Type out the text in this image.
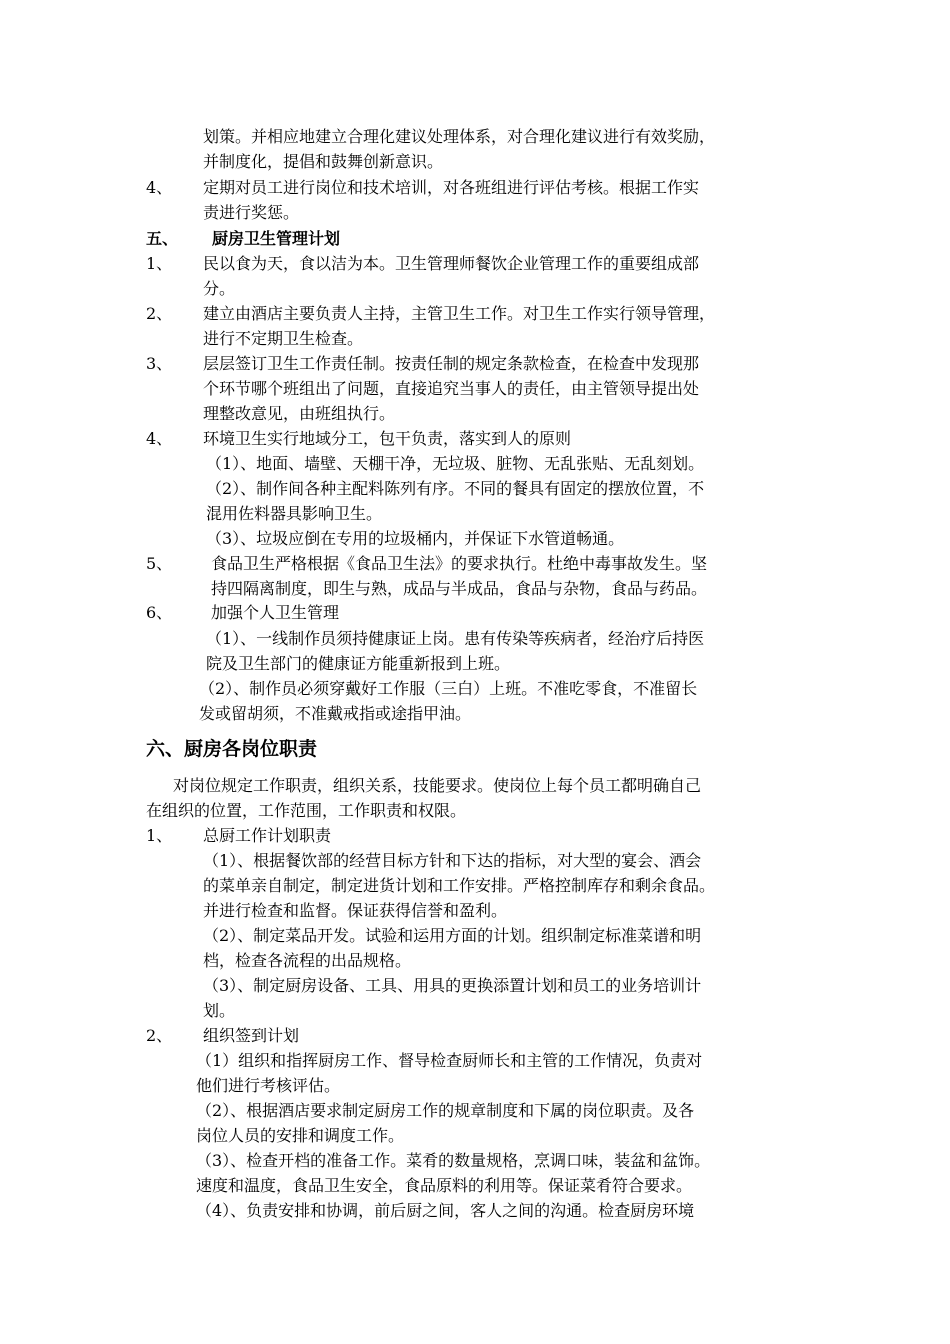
划策。并相应地建立合理化建议处理体系，对合理化建议进行有效奖励，
并制度化，提倡和鼓舞创新意识。
4、 定期对员工进行岗位和技术培训，对各班组进行评估考核。根据工作实
责进行奖惩。
五、 厨房卫生管理计划
1、 民以食为天，食以洁为本。卫生管理师餐饮企业管理工作的重要组成部
分。
2、 建立由酒店主要负责人主持，主管卫生工作。对卫生工作实行领导管理，
进行不定期卫生检查。
3、 层层签订卫生工作责任制。按责任制的规定条款检查，在检查中发现那
个环节哪个班组出了问题，直接追究当事人的责任，由主管领导提出处
理整改意见，由班组执行。
4、 环境卫生实行地域分工，包干负责，落实到人的原则
（1）、地面、墙壁、天棚干净，无垃圾、脏物、无乱张贴、无乱刻划。
（2）、制作间各种主配料陈列有序。不同的餐具有固定的摆放位置，不
混用佐料器具影响卫生。
（3）、垃圾应倒在专用的垃圾桶内，并保证下水管道畅通。
5、 食品卫生严格根据《食品卫生法》的要求执行。杜绝中毒事故发生。坚
持四隔离制度，即生与熟，成品与半成品，食品与杂物，食品与药品。
6、 加强个人卫生管理
（1）、一线制作员须持健康证上岗。患有传染等疾病者，经治疗后持医
院及卫生部门的健康证方能重新报到上班。
（2）、制作员必须穿戴好工作服（三白）上班。不准吃零食，不准留长
发或留胡须，不准戴戒指或途指甲油。
六、厨房各岗位职责
对岗位规定工作职责，组织关系，技能要求。使岗位上每个员工都明确自己
在组织的位置，工作范围，工作职责和权限。
1、 总厨工作计划职责
（1）、根据餐饮部的经营目标方针和下达的指标，对大型的宴会、酒会
的菜单亲自制定，制定进货计划和工作安排。严格控制库存和剩余食品。
并进行检查和监督。保证获得信誉和盈利。
（2）、制定菜品开发。试验和运用方面的计划。组织制定标准菜谱和明
档，检查各流程的出品规格。
（3）、制定厨房设备、工具、用具的更换添置计划和员工的业务培训计
划。
2、 组织签到计划
（1）组织和指挥厨房工作、督导检查厨师长和主管的工作情况，负责对
他们进行考核评估。
（2）、根据酒店要求制定厨房工作的规章制度和下属的岗位职责。及各
岗位人员的安排和调度工作。
（3）、检查开档的准备工作。菜肴的数量规格，烹调口味，装盆和盆饰。
速度和温度，食品卫生安全，食品原料的利用等。保证菜肴符合要求。
（4）、负责安排和协调，前后厨之间，客人之间的沟通。检查厨房环境
